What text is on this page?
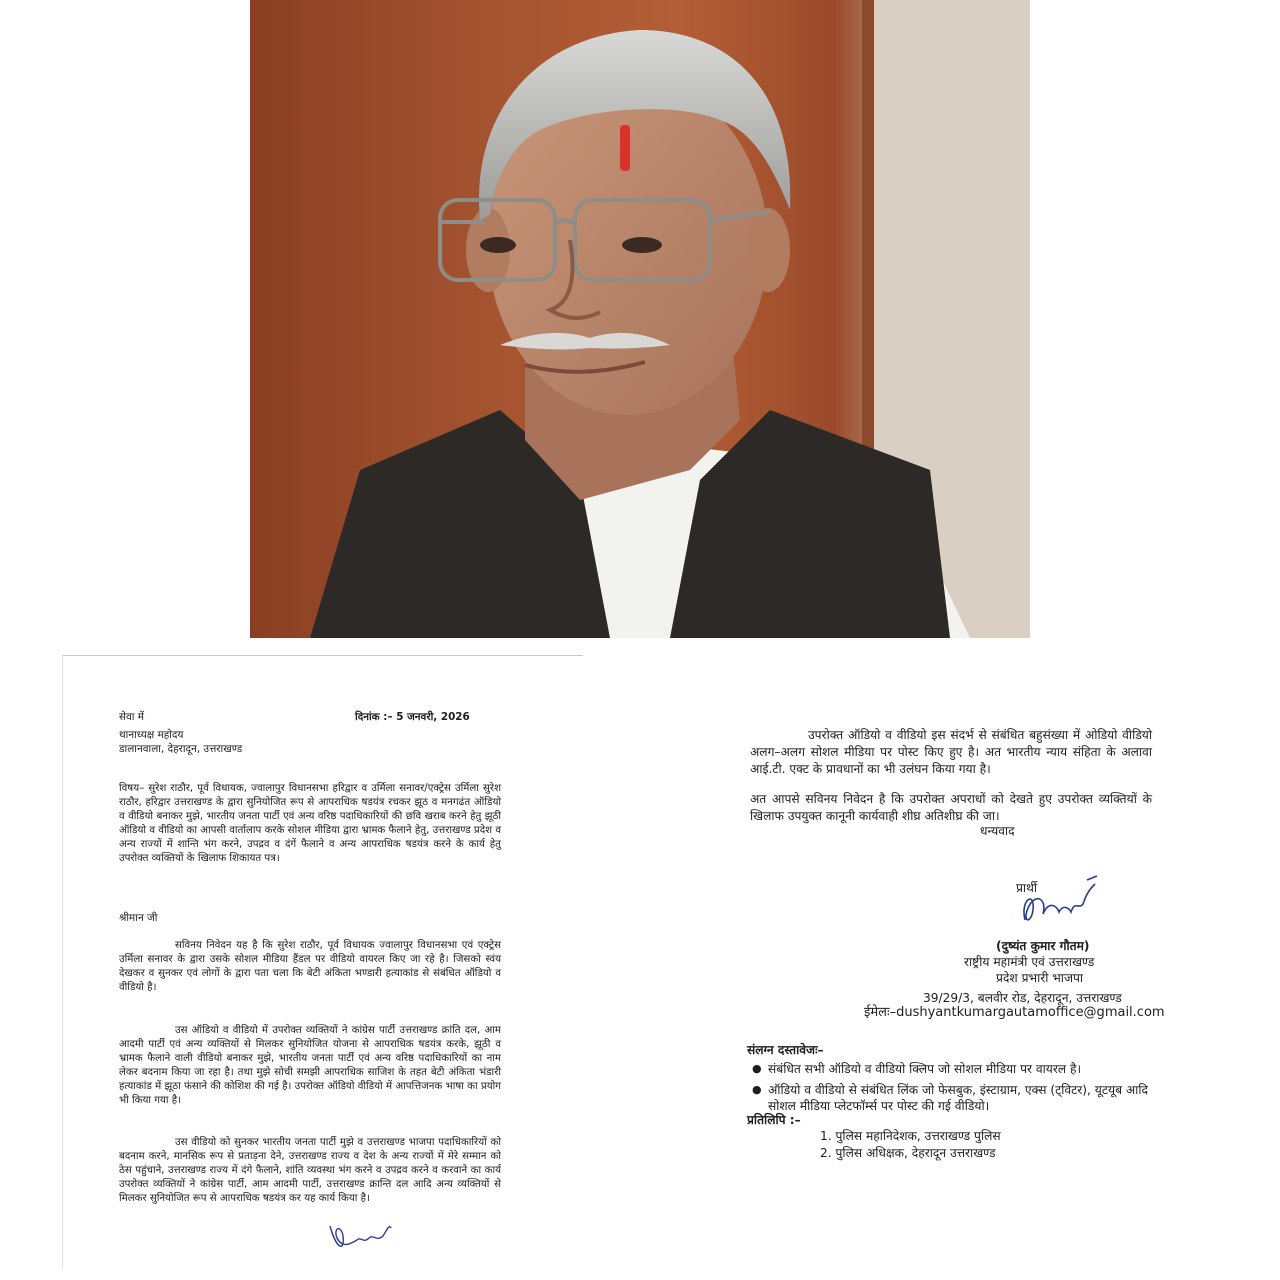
सेवा में	दिनांक :– 5 जनवरी, 2026
थानाध्यक्ष महोदय
डालानवाला, देहरादून, उत्तराखण्ड
विषय– सुरेश राठौर, पूर्व विधायक, ज्वालापुर विधानसभा हरिद्वार व उर्मिला सनावर/एक्ट्रेस उर्मिला सुरेश राठौर, हरिद्वार उत्तराखण्ड के द्वारा सुनियोजित रूप से आपराधिक षडयंत्र रचकर झूठ व मनगढंत ऑडियो व वीडियो बनाकर मुझे, भारतीय जनता पार्टी एवं अन्य वरिष्ठ पदाधिकारियों की छवि खराब करने हेतु झूठी ऑडियो व वीडियो का आपसी वार्तालाप करके सोशल मीडिया द्वारा भ्रामक फैलाने हेतु, उत्तराखण्ड प्रदेश व अन्य राज्यों में शान्ति भंग करने, उपद्रव व दंगें फैलाने व अन्य आपराधिक षडयंत्र करने के कार्य हेतु उपरोक्त व्यक्तियों के खिलाफ शिकायत पत्र।
श्रीमान जी
सविनय निवेदन यह है कि सुरेश राठौर, पूर्व विधायक ज्वालापुर विधानसभा एवं एक्ट्रेस उर्मिला सनावर के द्वारा उसके सोशल मीडिया हैंडल पर वीडियो वायरल किए जा रहे है। जिसको स्वंय देखकर व सुनकर एवं लोगों के द्वारा पता चला कि बेटी अंकिता भण्डारी हत्याकांड से संबंधित ऑडियो व वीडियो है।
उस ऑडियो व वीडियो में उपरोक्त व्यक्तियों ने कांग्रेस पार्टी उत्तराखण्ड क्रांति दल, आम आदमी पार्टी एवं अन्य व्यक्तियों से मिलकर सुनियोजित योजना से आपराधिक षडयंत्र करके, झूठी व भ्रामक फैलाने वाली वीडियो बनाकर मुझे, भारतीय जनता पार्टी एवं अन्य वरिष्ठ पदाधिकारियों का नाम लेकर बदनाम किया जा रहा है। तथा मुझे सोची समझी आपराधिक साजिश के तहत बेटी अंकिता भंडारी हत्याकांड में झूठा फंसाने की कोशिश की गई है। उपरोक्त ऑडियो वीडियो में आपत्तिजनक भाषा का प्रयोग भी किया गया है।
उस वीडियो को सुनकर भारतीय जनता पार्टी मुझे व उत्तराखण्ड भाजपा पदाधिकारियों को बदनाम करने, मानसिक रूप से प्रताड़ना देने, उत्तराखण्ड राज्य व देश के अन्य राज्यों में मेरे सम्मान को ठेस पहुंचाने, उत्तराखण्ड राज्य में दंगे फैलाने, शांति व्यवस्था भंग करने व उपद्रव करने व करवाने का कार्य उपरोक्त व्यक्तियों ने कांग्रेस पार्टी, आम आदमी पार्टी, उत्तराखण्ड क्रान्ति दल आदि अन्य व्यक्तियों से मिलकर सुनियोजित रूप से आपराधिक षडयंत्र कर यह कार्य किया है।
उपरोक्त ऑडियो व वीडियो इस संदर्भ से संबंधित बहुसंख्या में ओडियो वीडियो अलग–अलग सोशल मीडिया पर पोस्ट किए हुए है। अत भारतीय न्याय संहिता के अलावा आई.टी. एक्ट के प्रावधानों का भी उलंघन किया गया है।
अत आपसे सविनय निवेदन है कि उपरोक्त अपराधों को देखते हुए उपरोक्त व्यक्तियों के खिलाफ उपयुक्त कानूनी कार्यवाही शीघ्र अतिशीघ्र की जा।
धन्यवाद
प्रार्थी
(दुष्यंत कुमार गौतम)
राष्ट्रीय महामंत्री एवं उत्तराखण्ड
प्रदेश प्रभारी भाजपा
39/29/3, बलवीर रोड, देहरादून, उत्तराखण्ड
ईमेलः–dushyantkumargautamoffice@gmail.com
संलग्न दस्तावेजः–
● संबंधित सभी ऑडियो व वीडियो क्लिप जो सोशल मीडिया पर वायरल है।
● ऑडियो व वीडियो से संबंधित लिंक जो फेसबुक, इंस्टाग्राम, एक्स (ट्विटर), यूटयूब आदि सोशल मीडिया प्लेटफॉर्म्स पर पोस्ट की गई वीडियो।
प्रतिलिपि :–
1. पुलिस महानिदेशक, उत्तराखण्ड पुलिस
2. पुलिस अधिक्षक, देहरादून उत्तराखण्ड
